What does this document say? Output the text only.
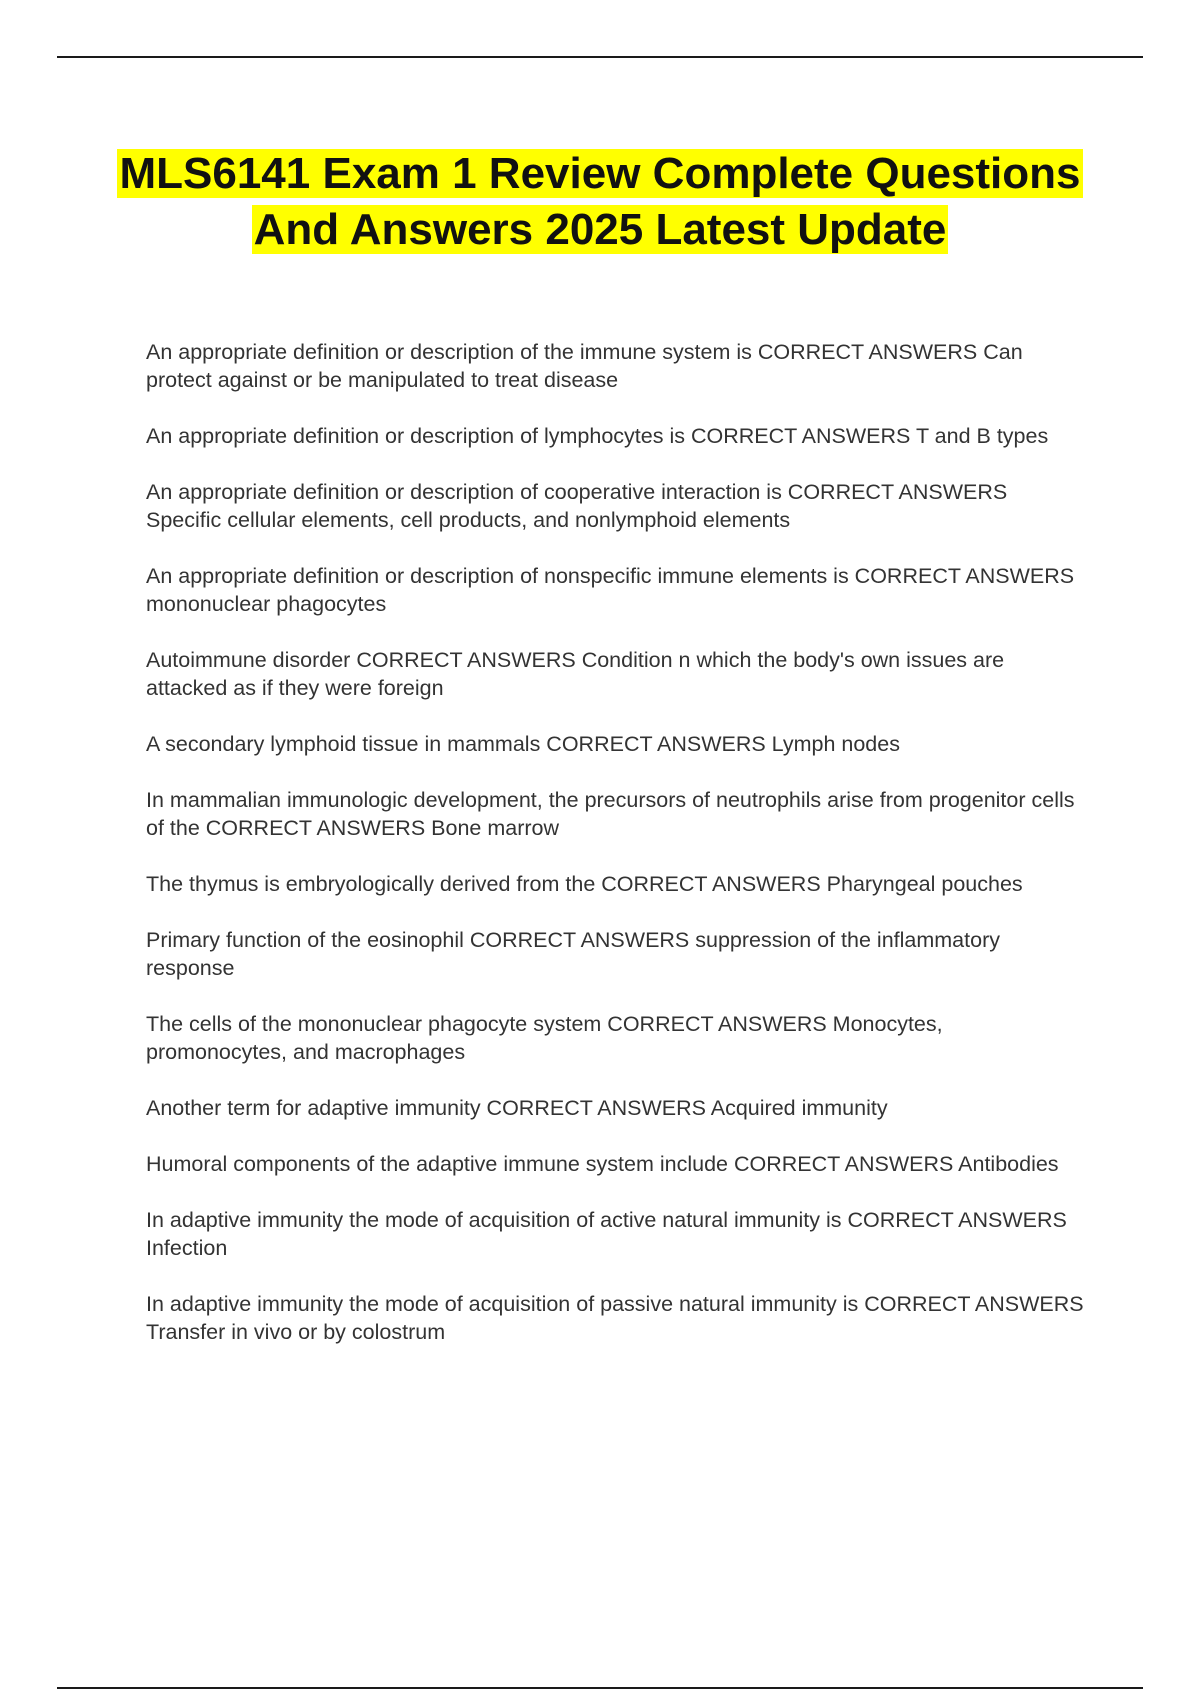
MLS6141 Exam 1 Review Complete Questions And Answers 2025 Latest Update
An appropriate definition or description of the immune system is CORRECT ANSWERS Can protect against or be manipulated to treat disease
An appropriate definition or description of lymphocytes is CORRECT ANSWERS T and B types
An appropriate definition or description of cooperative interaction is CORRECT ANSWERS Specific cellular elements, cell products, and nonlymphoid elements
An appropriate definition or description of nonspecific immune elements is CORRECT ANSWERS mononuclear phagocytes
Autoimmune disorder CORRECT ANSWERS Condition n which the body's own issues are attacked as if they were foreign
A secondary lymphoid tissue in mammals CORRECT ANSWERS Lymph nodes
In mammalian immunologic development, the precursors of neutrophils arise from progenitor cells of the CORRECT ANSWERS Bone marrow
The thymus is embryologically derived from the CORRECT ANSWERS Pharyngeal pouches
Primary function of the eosinophil CORRECT ANSWERS suppression of the inflammatory response
The cells of the mononuclear phagocyte system CORRECT ANSWERS Monocytes, promonocytes, and macrophages
Another term for adaptive immunity CORRECT ANSWERS Acquired immunity
Humoral components of the adaptive immune system include CORRECT ANSWERS Antibodies
In adaptive immunity the mode of acquisition of active natural immunity is CORRECT ANSWERS Infection
In adaptive immunity the mode of acquisition of passive natural immunity is CORRECT ANSWERS Transfer in vivo or by colostrum
